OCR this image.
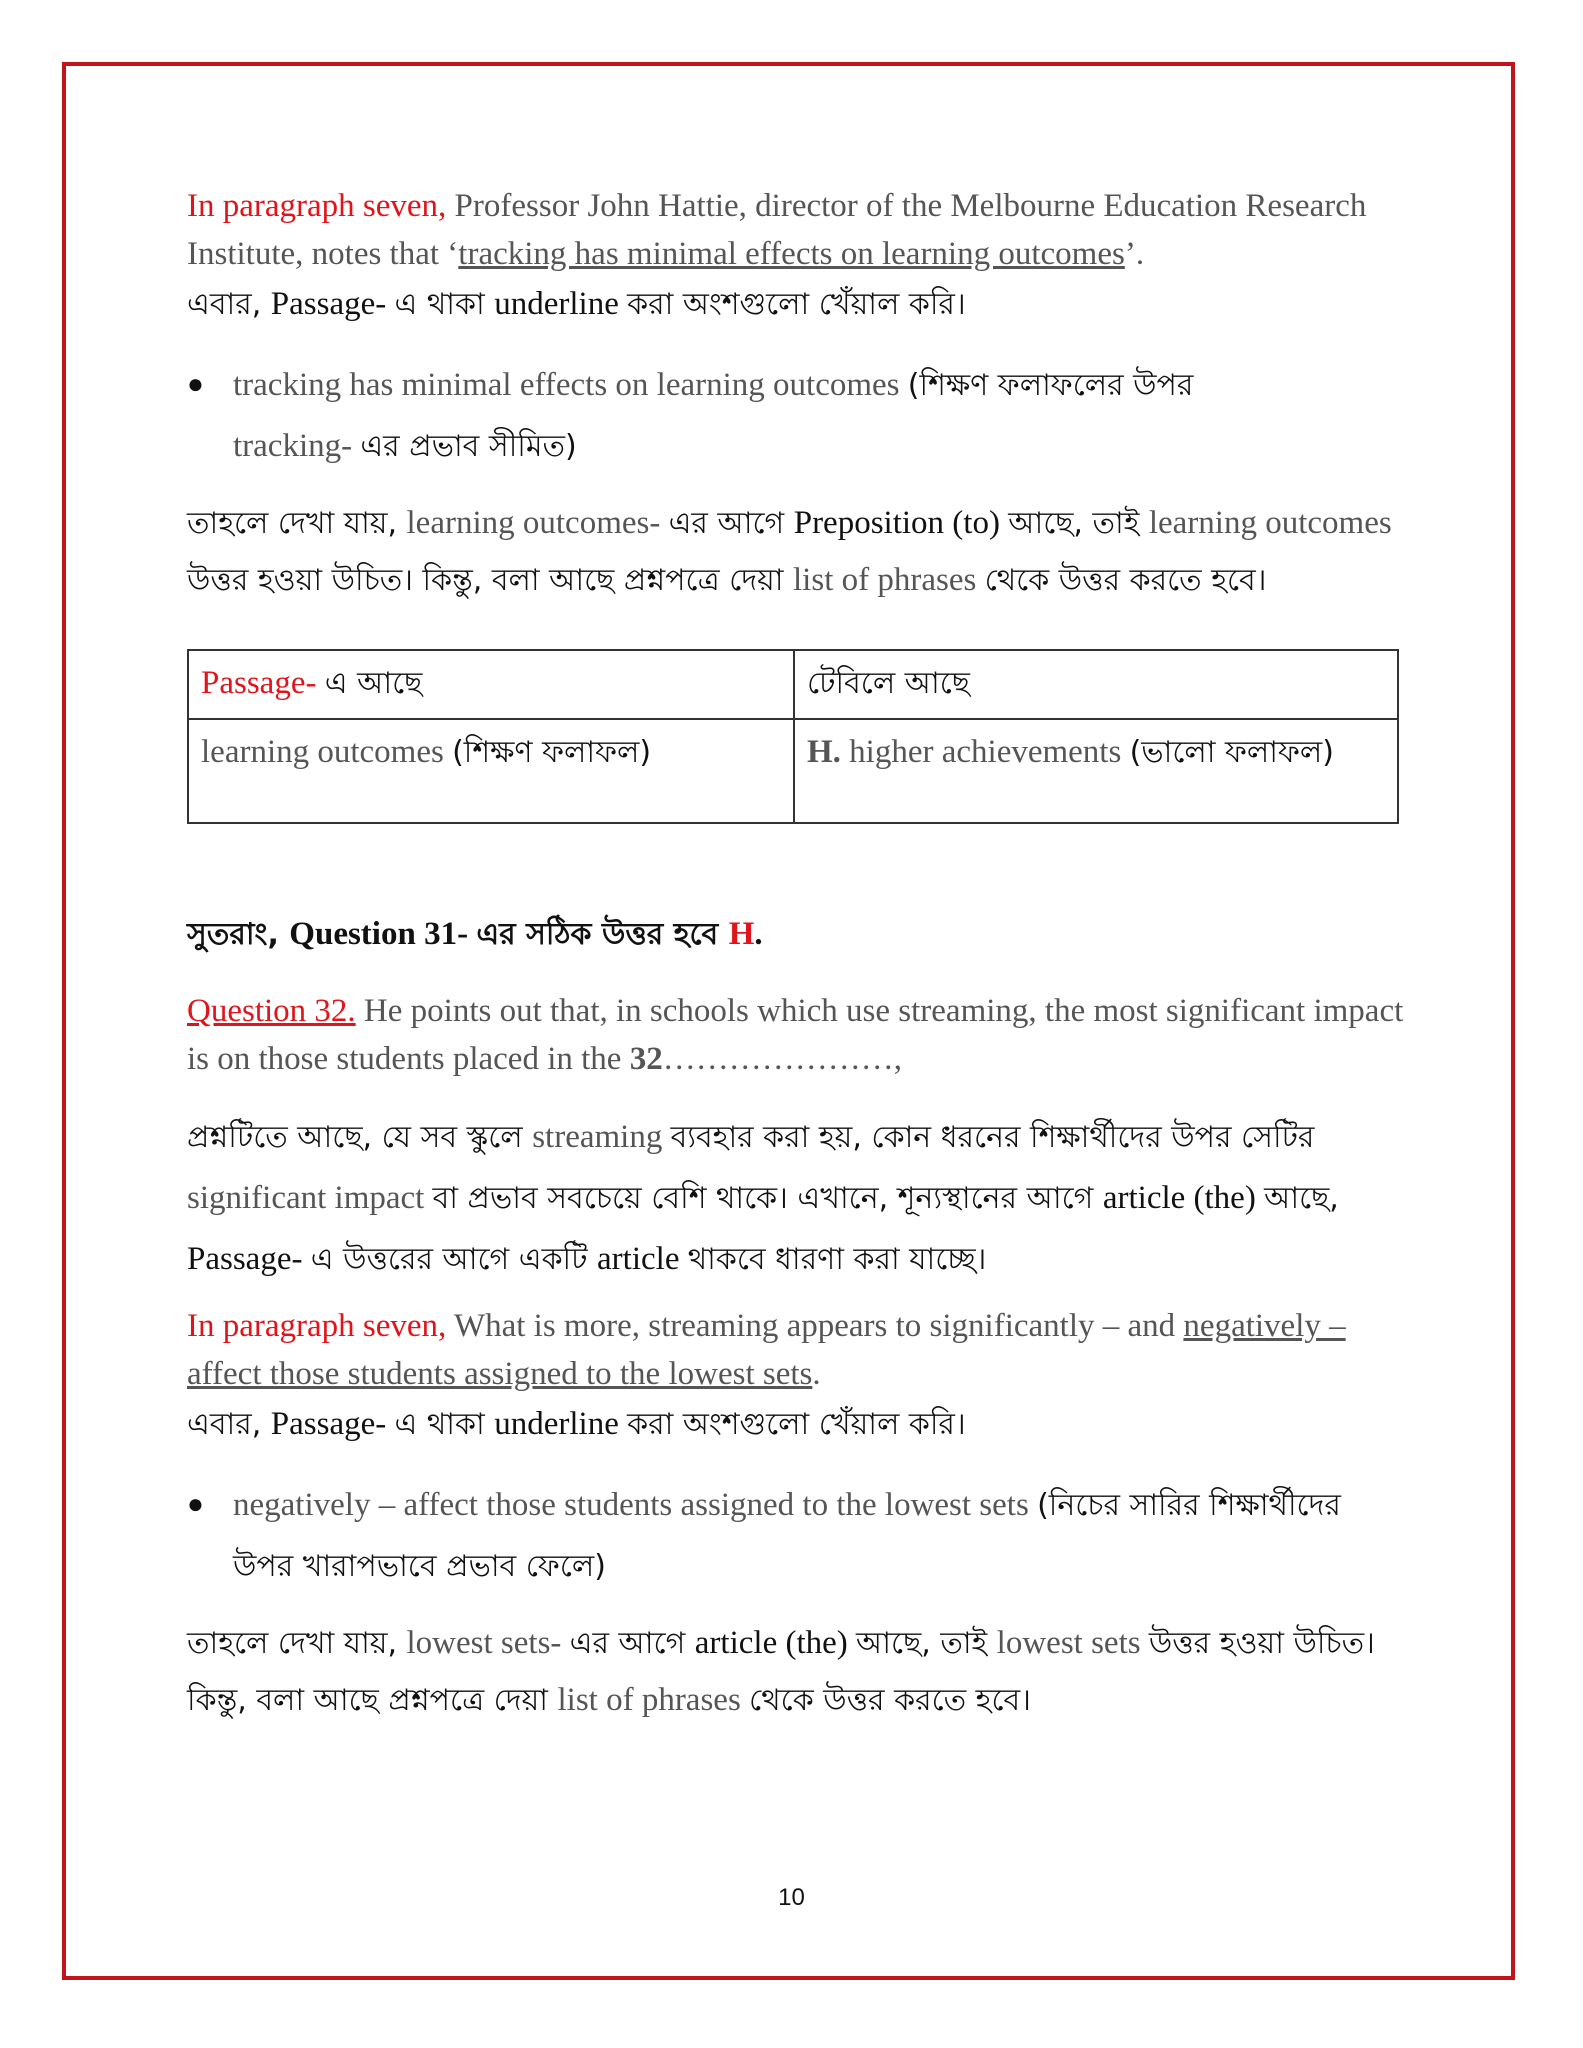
In paragraph seven, Professor John Hattie, director of the Melbourne Education Research Institute, notes that ‘tracking has minimal effects on learning outcomes’.

এবার, Passage- এ থাকা underline করা অংশগুলো খেঁয়াল করি।

● tracking has minimal effects on learning outcomes (শিক্ষণ ফলাফলের উপর
tracking- এর প্রভাব সীমিত)

তাহলে দেখা যায়, learning outcomes- এর আগে Preposition (to) আছে, তাই learning outcomes উত্তর হওয়া উচিত। কিন্তু, বলা আছে প্রশ্নপত্রে দেয়া list of phrases থেকে উত্তর করতে হবে।

Passage- এ আছে	টেবিলে আছে
learning outcomes (শিক্ষণ ফলাফল)	H. higher achievements (ভালো ফলাফল)

সুতরাং, Question 31- এর সঠিক উত্তর হবে H.

Question 32. He points out that, in schools which use streaming, the most significant impact is on those students placed in the 32…………………,

প্রশ্নটিতে আছে, যে সব স্কুলে streaming ব্যবহার করা হয়, কোন ধরনের শিক্ষার্থীদের উপর সেটির significant impact বা প্রভাব সবচেয়ে বেশি থাকে। এখানে, শূন্যস্থানের আগে article (the) আছে, Passage- এ উত্তরের আগে একটি article থাকবে ধারণা করা যাচ্ছে।

In paragraph seven, What is more, streaming appears to significantly – and negatively – affect those students assigned to the lowest sets.

এবার, Passage- এ থাকা underline করা অংশগুলো খেঁয়াল করি।

● negatively – affect those students assigned to the lowest sets (নিচের সারির শিক্ষার্থীদের উপর খারাপভাবে প্রভাব ফেলে)

তাহলে দেখা যায়, lowest sets- এর আগে article (the) আছে, তাই lowest sets উত্তর হওয়া উচিত। কিন্তু, বলা আছে প্রশ্নপত্রে দেয়া list of phrases থেকে উত্তর করতে হবে।

10
